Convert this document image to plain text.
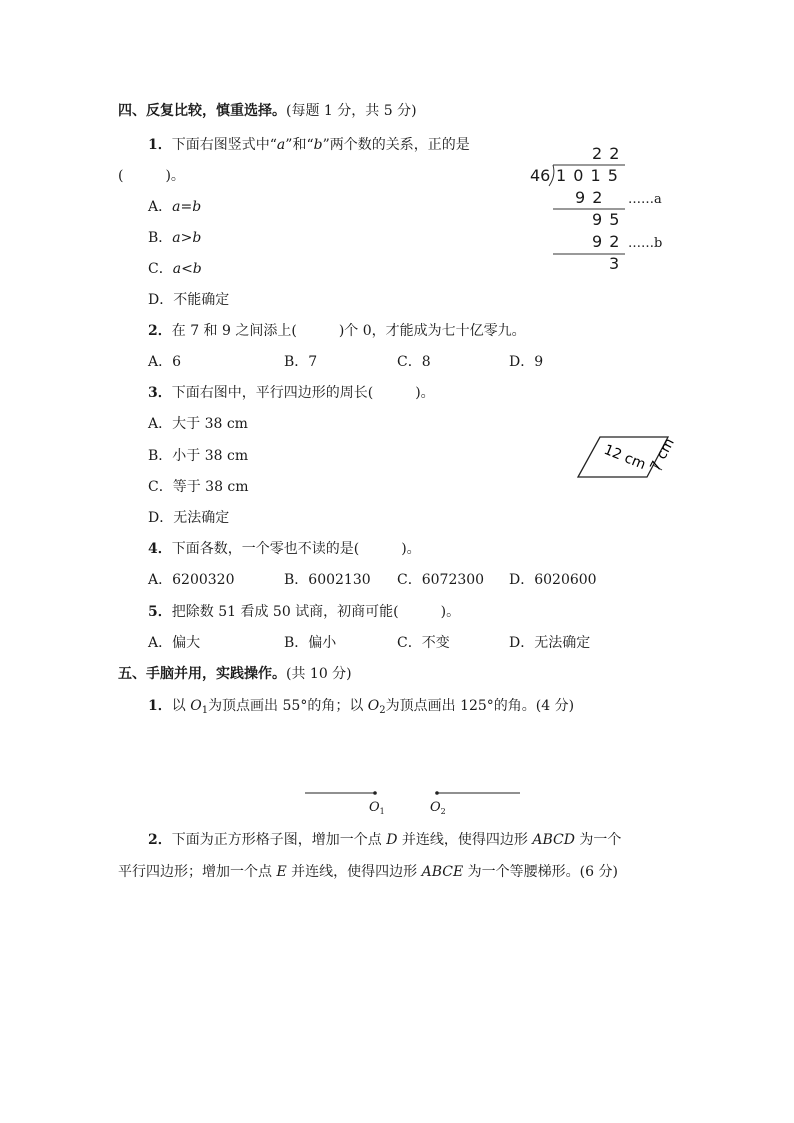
四、反复比较，慎重选择。(每题 1 分，共 5 分)
1．下面右图竖式中“a”和“b”两个数的关系，正的是
(　　　)。
A．a=b
B．a>b
C．a<b
D．不能确定
2 2
46 1 0 1 5
9 2 ……a
9 5
9 2 ……b
3
2．在 7 和 9 之间添上(　　　)个 0，才能成为七十亿零九。
A．6	B．7	C．8	D．9
3．下面右图中，平行四边形的周长(　　　)。
A．大于 38 cm
B．小于 38 cm
C．等于 38 cm
D．无法确定
12 cm 7 cm
4．下面各数，一个零也不读的是(　　　)。
A．6200320	B．6002130 C．6072300 D．6020600
5．把除数 51 看成 50 试商，初商可能(　　　)。
A．偏大	B．偏小	C．不变	D．无法确定
五、手脑并用，实践操作。(共 10 分)
1．以 $O_1$为顶点画出 55°的角；以 $O_2$为顶点画出 125°的角。(4 分)
$O_1$	$O_2$
2．下面为正方形格子图，增加一个点 D 并连线，使得四边形 ABCD 为一个
平行四边形；增加一个点 E 并连线，使得四边形 ABCE 为一个等腰梯形。(6 分)
